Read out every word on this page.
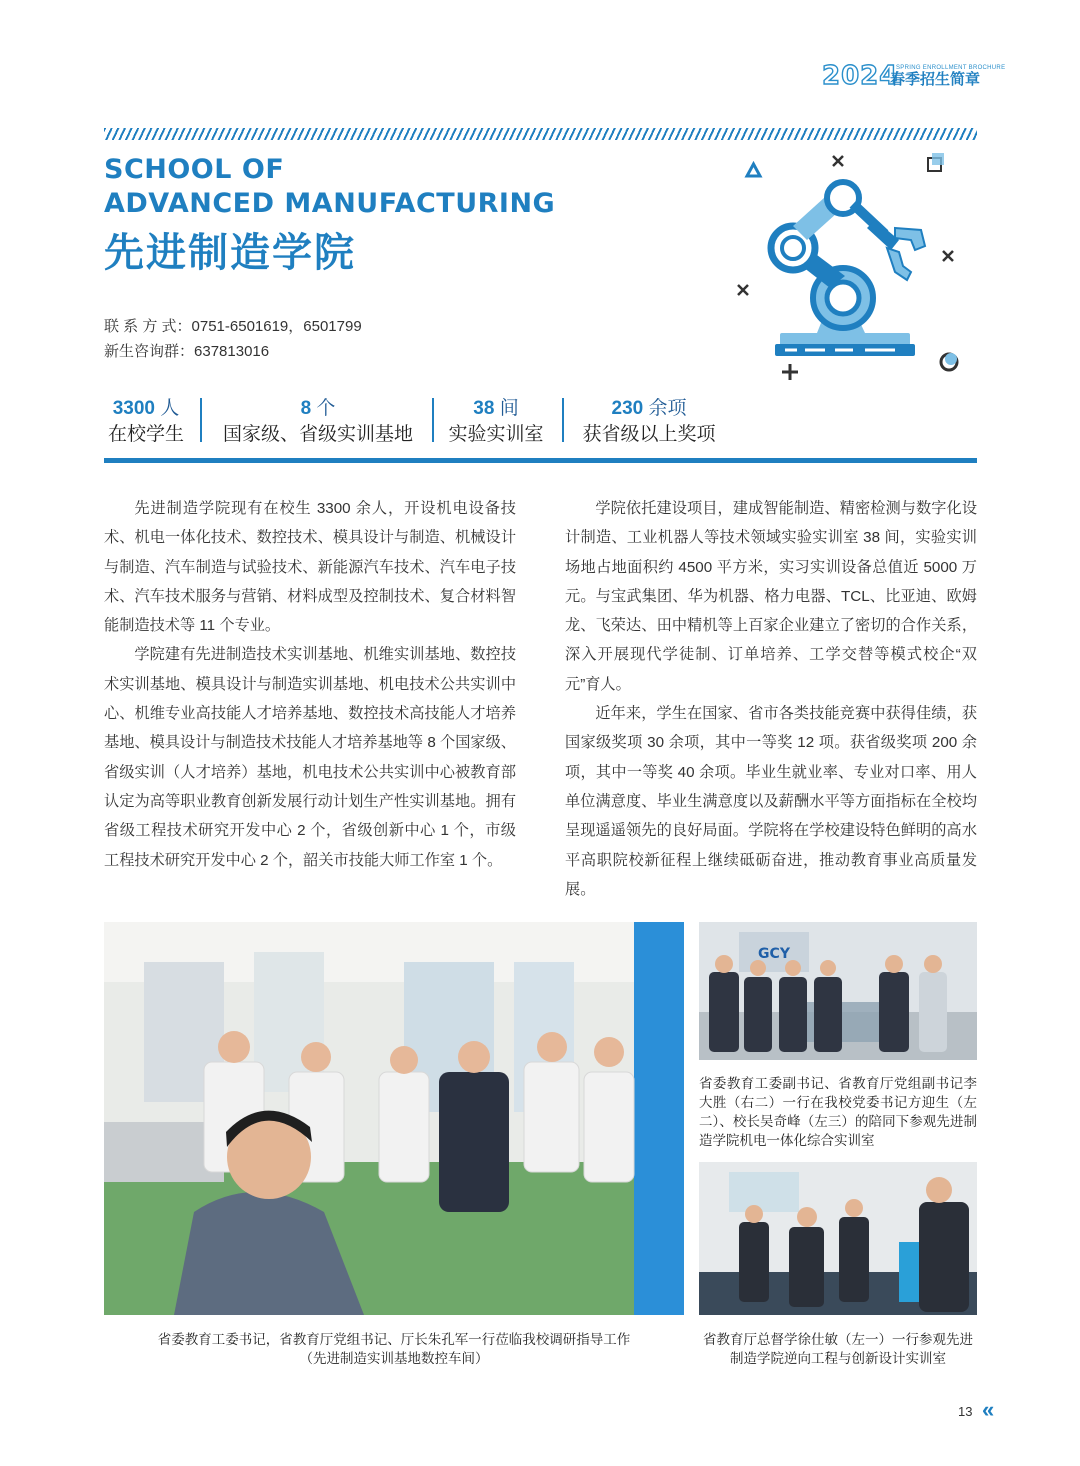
2024
SPRING ENROLLMENT BROCHURE
春季招生简章
SCHOOL OF
ADVANCED MANUFACTURING
先进制造学院
联 系 方 式：0751-6501619，6501799
新生咨询群：637813016
3300 人
在校学生
8 个
国家级、省级实训基地
38 间
实验实训室
230 余项
获省级以上奖项

先进制造学院现有在校生 3300 余人，开设机电设备技术、机电一体化技术、数控技术、模具设计与制造、机械设计与制造、汽车制造与试验技术、新能源汽车技术、汽车电子技术、汽车技术服务与营销、材料成型及控制技术、复合材料智能制造技术等 11 个专业。

学院建有先进制造技术实训基地、机维实训基地、数控技术实训基地、模具设计与制造实训基地、机电技术公共实训中心、机维专业高技能人才培养基地、数控技术高技能人才培养基地、模具设计与制造技术技能人才培养基地等 8 个国家级、省级实训（人才培养）基地，机电技术公共实训中心被教育部认定为高等职业教育创新发展行动计划生产性实训基地。拥有省级工程技术研究开发中心 2 个，省级创新中心 1 个，市级工程技术研究开发中心 2 个，韶关市技能大师工作室 1 个。

学院依托建设项目，建成智能制造、精密检测与数字化设计制造、工业机器人等技术领域实验实训室 38 间，实验实训场地占地面积约 4500 平方米，实习实训设备总值近 5000 万元。与宝武集团、华为机器、格力电器、TCL、比亚迪、欧姆龙、飞荣达、田中精机等上百家企业建立了密切的合作关系，深入开展现代学徒制、订单培养、工学交替等模式校企“双元”育人。

近年来，学生在国家、省市各类技能竞赛中获得佳绩，获国家级奖项 30 余项，其中一等奖 12 项。获省级奖项 200 余项，其中一等奖 40 余项。毕业生就业率、专业对口率、用人单位满意度、毕业生满意度以及薪酬水平等方面指标在全校均呈现遥遥领先的良好局面。学院将在学校建设特色鲜明的高水平高职院校新征程上继续砥砺奋进，推动教育事业高质量发展。

省委教育工委书记，省教育厅党组书记、厅长朱孔军一行莅临我校调研指导工作
（先进制造实训基地数控车间）
GCY
省委教育工委副书记、省教育厅党组副书记李大胜（右二）一行在我校党委书记方迎生（左二）、校长吴奇峰（左三）的陪同下参观先进制造学院机电一体化综合实训室
省教育厅总督学徐仕敏（左一）一行参观先进制造学院逆向工程与创新设计实训室
13 «
